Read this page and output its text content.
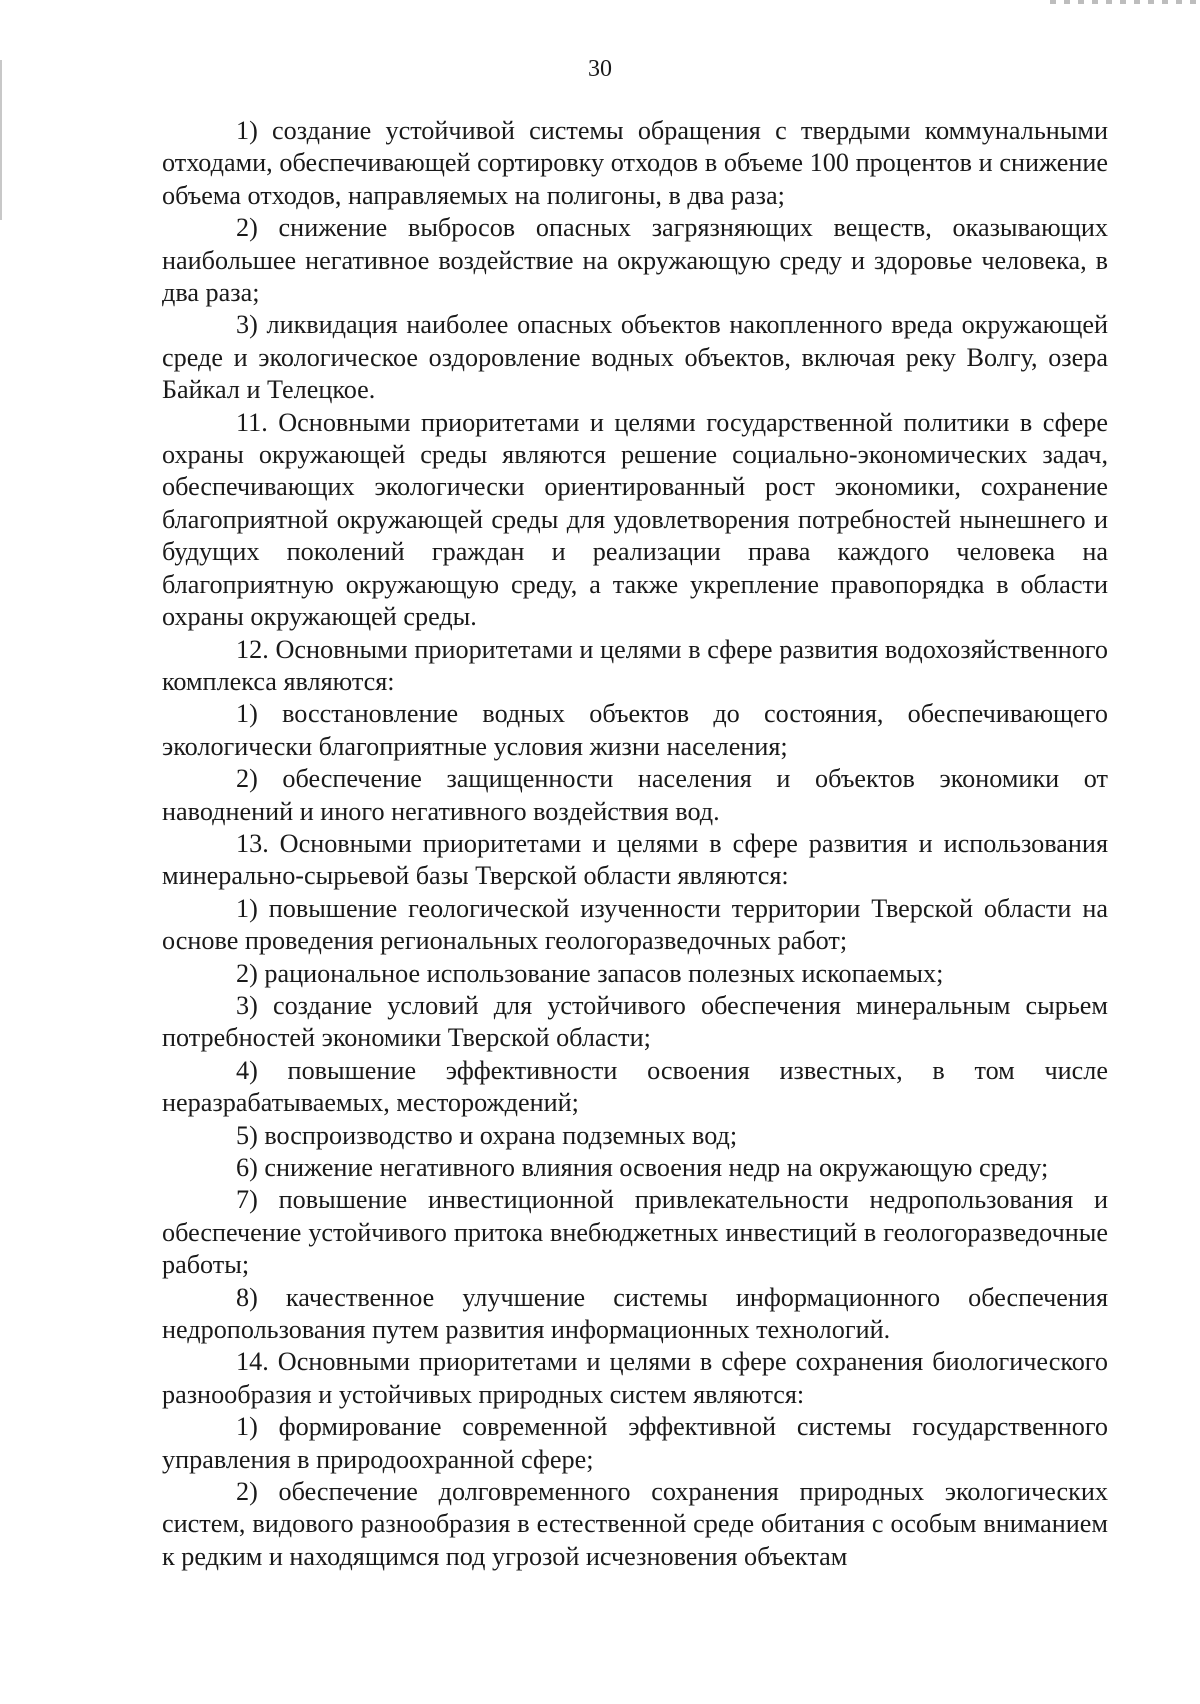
30

1) создание устойчивой системы обращения с твердыми коммунальными отходами, обеспечивающей сортировку отходов в объеме 100 процентов и снижение объема отходов, направляемых на полигоны, в два раза;

2) снижение выбросов опасных загрязняющих веществ, оказывающих наибольшее негативное воздействие на окружающую среду и здоровье человека, в два раза;

3) ликвидация наиболее опасных объектов накопленного вреда окружающей среде и экологическое оздоровление водных объектов, включая реку Волгу, озера Байкал и Телецкое.

11. Основными приоритетами и целями государственной политики в сфере охраны окружающей среды являются решение социально-экономических задач, обеспечивающих экологически ориентированный рост экономики, сохранение благоприятной окружающей среды для удовлетворения потребностей нынешнего и будущих поколений граждан и реализации права каждого человека на благоприятную окружающую среду, а также укрепление правопорядка в области охраны окружающей среды.

12. Основными приоритетами и целями в сфере развития водохозяйственного комплекса являются:

1) восстановление водных объектов до состояния, обеспечивающего экологически благоприятные условия жизни населения;

2) обеспечение защищенности населения и объектов экономики от наводнений и иного негативного воздействия вод.

13. Основными приоритетами и целями в сфере развития и использования минерально-сырьевой базы Тверской области являются:

1) повышение геологической изученности территории Тверской области на основе проведения региональных геологоразведочных работ;

2) рациональное использование запасов полезных ископаемых;

3) создание условий для устойчивого обеспечения минеральным сырьем потребностей экономики Тверской области;

4) повышение эффективности освоения известных, в том числе неразрабатываемых, месторождений;

5) воспроизводство и охрана подземных вод;

6) снижение негативного влияния освоения недр на окружающую среду;

7) повышение инвестиционной привлекательности недропользования и обеспечение устойчивого притока внебюджетных инвестиций в геологоразведочные работы;

8) качественное улучшение системы информационного обеспечения недропользования путем развития информационных технологий.

14. Основными приоритетами и целями в сфере сохранения биологического разнообразия и устойчивых природных систем являются:

1) формирование современной эффективной системы государственного управления в природоохранной сфере;

2) обеспечение долговременного сохранения природных экологических систем, видового разнообразия в естественной среде обитания с особым вниманием к редким и находящимся под угрозой исчезновения объектам
